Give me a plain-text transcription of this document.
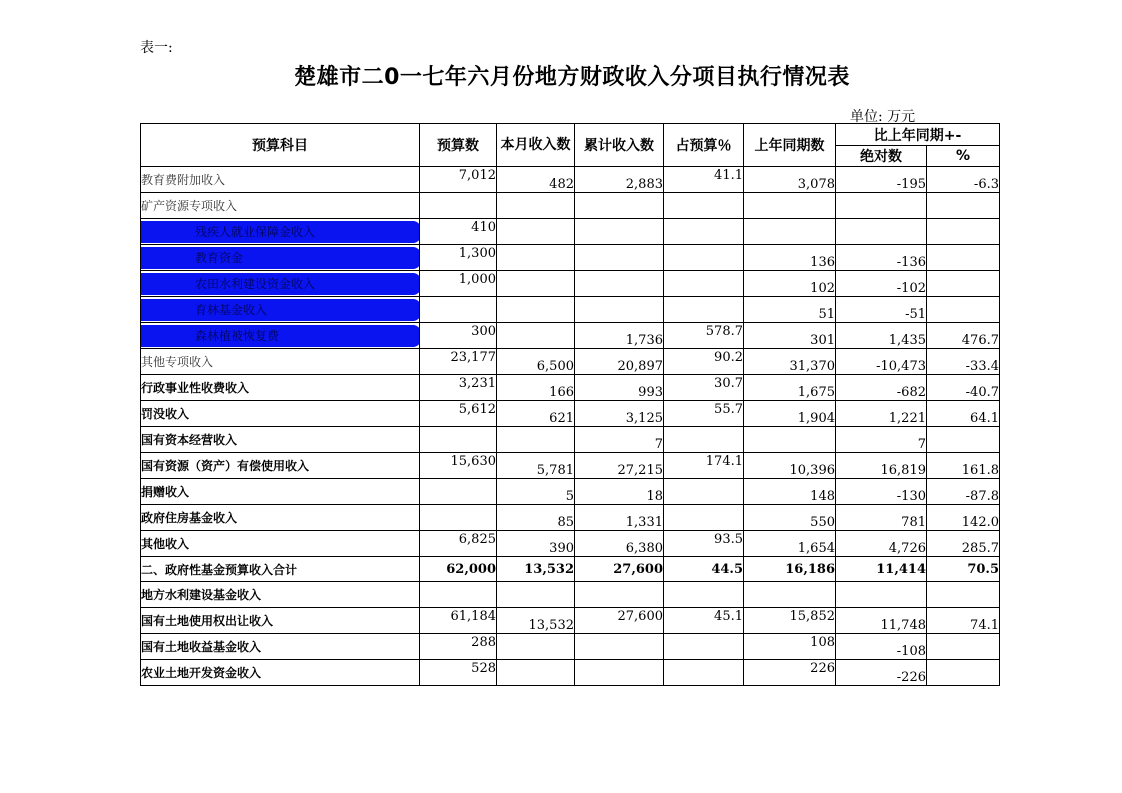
表一:
楚雄市二0一七年六月份地方财政收入分项目执行情况表
单位: 万元
预算科目	预算数	本月收入数	累计收入数	占预算％	上年同期数	比上年同期+-	
						绝对数	%
教育费附加收入	7,012	482	2,883	41.1	3,078	-195	-6.3
矿产资源专项收入							

残疾人就业保障金收入	410						

教育资金	1,300				136	-136	

农田水利建设资金收入	1,000				102	-102	

育林基金收入					51	-51	

森林植被恢复费	300		1,736	578.7	301	1,435	476.7
其他专项收入	23,177	6,500	20,897	90.2	31,370	-10,473	-33.4
行政事业性收费收入	3,231	166	993	30.7	1,675	-682	-40.7
罚没收入	5,612	621	3,125	55.7	1,904	1,221	64.1
国有资本经营收入			7			7	
国有资源（资产）有偿使用收入	15,630	5,781	27,215	174.1	10,396	16,819	161.8
捐赠收入		5	18		148	-130	-87.8
政府住房基金收入		85	1,331		550	781	142.0
其他收入	6,825	390	6,380	93.5	1,654	4,726	285.7
二、政府性基金预算收入合计	62,000	13,532	27,600	44.5	16,186	11,414	70.5
地方水利建设基金收入							
国有土地使用权出让收入	61,184	13,532	27,600	45.1	15,852	11,748	74.1
国有土地收益基金收入	288				108	-108	
农业土地开发资金收入	528				226	-226	
